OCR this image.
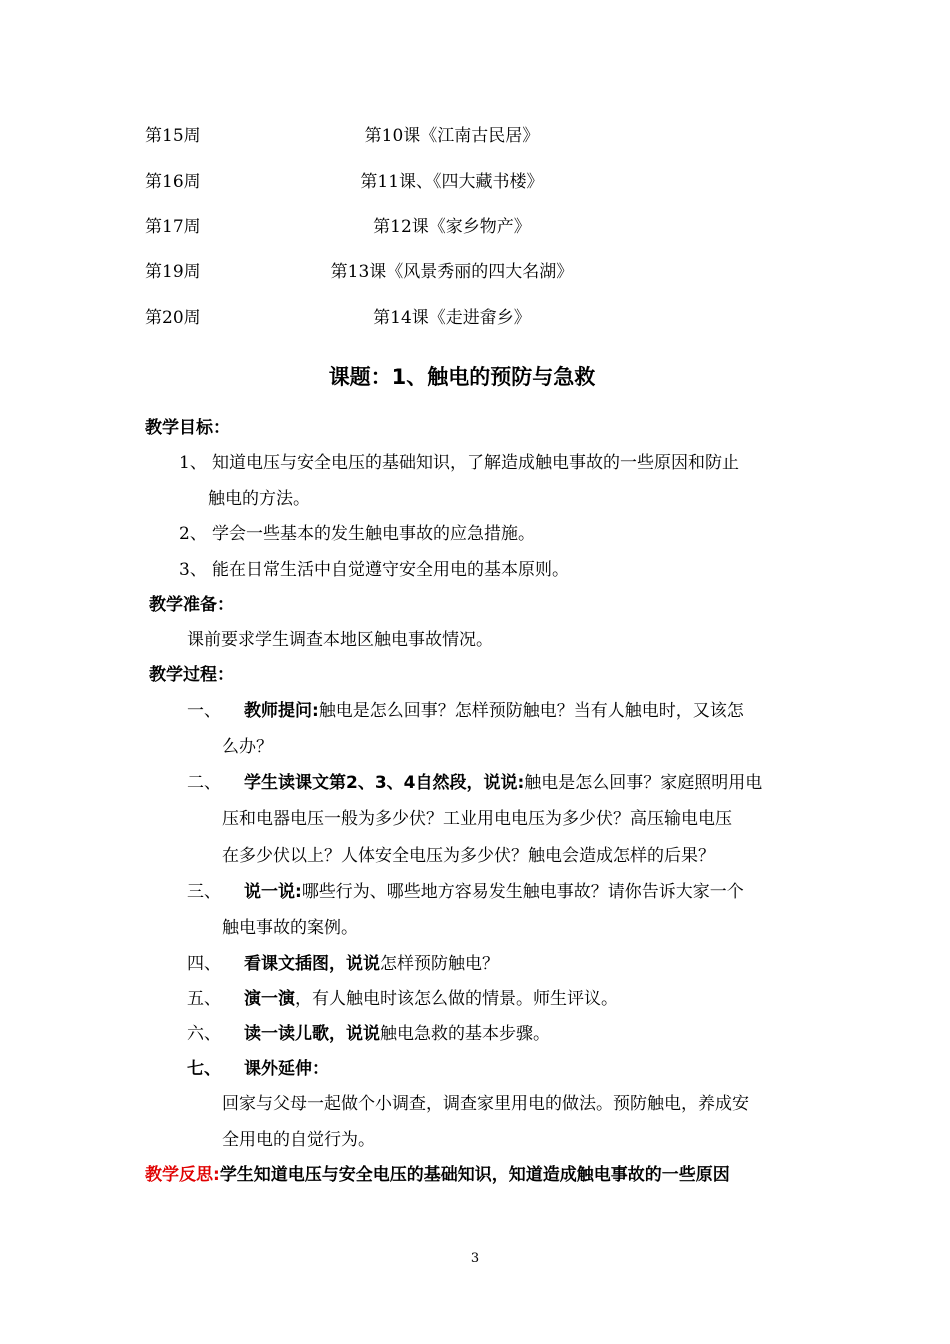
第15周	第10课《江南古民居》
第16周	第11课、《四大藏书楼》
第17周	第12课《家乡物产》
第19周	第13课《风景秀丽的四大名湖》
第20周	第14课《走进畲乡》
课题：1、触电的预防与急救
教学目标：
1、 知道电压与安全电压的基础知识，了解造成触电事故的一些原因和防止
触电的方法。
2、 学会一些基本的发生触电事故的应急措施。
3、 能在日常生活中自觉遵守安全用电的基本原则。
教学准备：
课前要求学生调查本地区触电事故情况。
教学过程：
一、 教师提问:触电是怎么回事？怎样预防触电？当有人触电时，又该怎
么办？
二、 学生读课文第2、3、4自然段，说说:触电是怎么回事？家庭照明用电
压和电器电压一般为多少伏？工业用电电压为多少伏？高压输电电压
在多少伏以上？人体安全电压为多少伏？触电会造成怎样的后果？
三、 说一说:哪些行为、哪些地方容易发生触电事故？请你告诉大家一个
触电事故的案例。
四、 看课文插图，说说怎样预防触电？
五、 演一演，有人触电时该怎么做的情景。师生评议。
六、 读一读儿歌，说说触电急救的基本步骤。
七、 课外延伸：
回家与父母一起做个小调查，调查家里用电的做法。预防触电，养成安
全用电的自觉行为。
教学反思:学生知道电压与安全电压的基础知识，知道造成触电事故的一些原因
3
